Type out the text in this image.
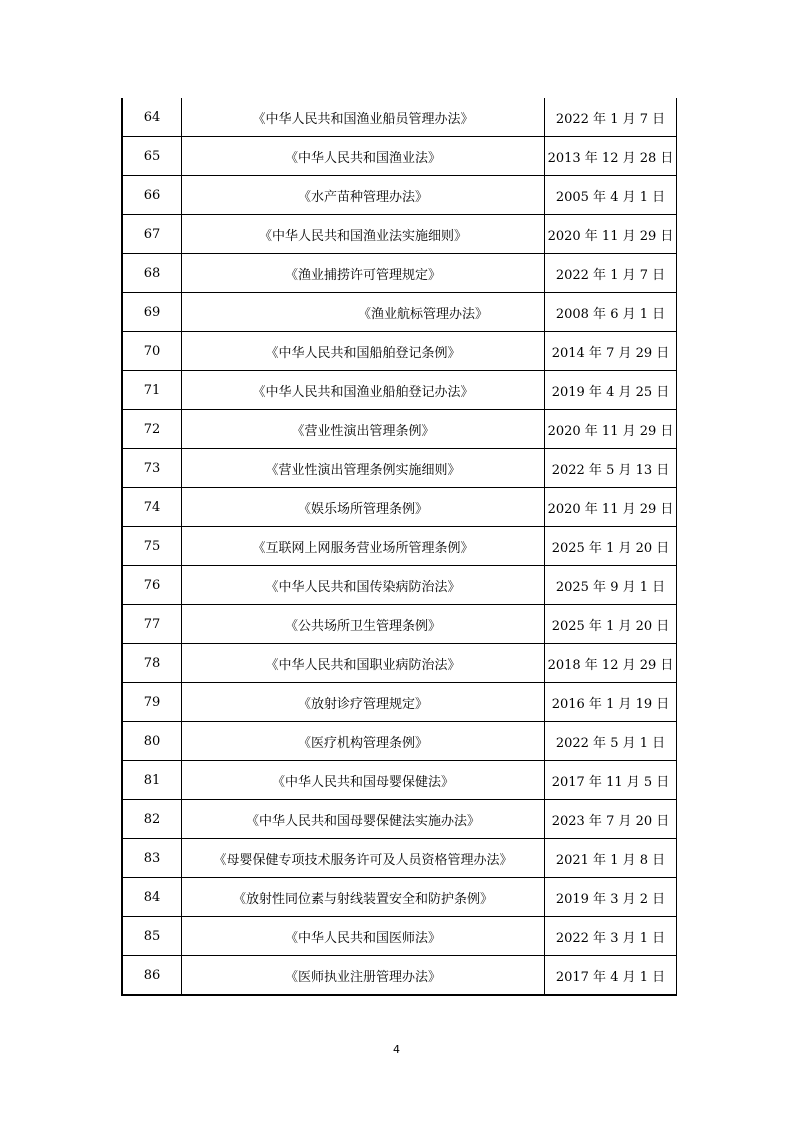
64	《中华人民共和国渔业船员管理办法》	2022 年 1 月 7 日
65	《中华人民共和国渔业法》	2013 年 12 月 28 日
66	《水产苗种管理办法》	2005 年 4 月 1 日
67	《中华人民共和国渔业法实施细则》	2020 年 11 月 29 日
68	《渔业捕捞许可管理规定》	2022 年 1 月 7 日
69	《渔业航标管理办法》	2008 年 6 月 1 日
70	《中华人民共和国船舶登记条例》	2014 年 7 月 29 日
71	《中华人民共和国渔业船舶登记办法》	2019 年 4 月 25 日
72	《营业性演出管理条例》	2020 年 11 月 29 日
73	《营业性演出管理条例实施细则》	2022 年 5 月 13 日
74	《娱乐场所管理条例》	2020 年 11 月 29 日
75	《互联网上网服务营业场所管理条例》	2025 年 1 月 20 日
76	《中华人民共和国传染病防治法》	2025 年 9 月 1 日
77	《公共场所卫生管理条例》	2025 年 1 月 20 日
78	《中华人民共和国职业病防治法》	2018 年 12 月 29 日
79	《放射诊疗管理规定》	2016 年 1 月 19 日
80	《医疗机构管理条例》	2022 年 5 月 1 日
81	《中华人民共和国母婴保健法》	2017 年 11 月 5 日
82	《中华人民共和国母婴保健法实施办法》	2023 年 7 月 20 日
83	《母婴保健专项技术服务许可及人员资格管理办法》	2021 年 1 月 8 日
84	《放射性同位素与射线装置安全和防护条例》	2019 年 3 月 2 日
85	《中华人民共和国医师法》	2022 年 3 月 1 日
86	《医师执业注册管理办法》	2017 年 4 月 1 日
4
